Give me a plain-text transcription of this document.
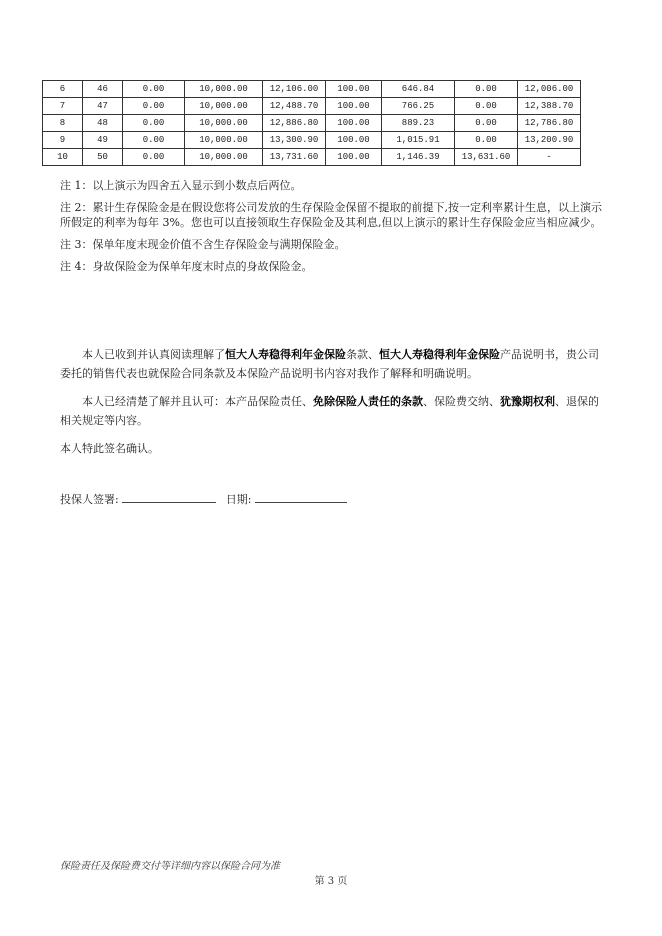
6	46	0.00	10,000.00	12,106.00	100.00	646.84	0.00	12,006.00
7	47	0.00	10,000.00	12,488.70	100.00	766.25	0.00	12,388.70
8	48	0.00	10,000.00	12,886.80	100.00	889.23	0.00	12,786.80
9	49	0.00	10,000.00	13,300.90	100.00	1,015.91	0.00	13,200.90
10	50	0.00	10,000.00	13,731.60	100.00	1,146.39	13,631.60	-

注 1：以上演示为四舍五入显示到小数点后两位。

注 2：累计生存保险金是在假设您将公司发放的生存保险金保留不提取的前提下,按一定利率累计生息，以上演示所假定的利率为每年 3%。您也可以直接领取生存保险金及其利息,但以上演示的累计生存保险金应当相应减少。

注 3：保单年度末现金价值不含生存保险金与满期保险金。

注 4：身故保险金为保单年度末时点的身故保险金。

本人已收到并认真阅读理解了恒大人寿稳得利年金保险条款、恒大人寿稳得利年金保险产品说明书，贵公司委托的销售代表也就保险合同条款及本保险产品说明书内容对我作了解释和明确说明。

本人已经清楚了解并且认可：本产品保险责任、免除保险人责任的条款、保险费交纳、犹豫期权利、退保的相关规定等内容。

本人特此签名确认。

投保人签署:	日期:
保险责任及保险费交付等详细内容以保险合同为准
第 3 页
